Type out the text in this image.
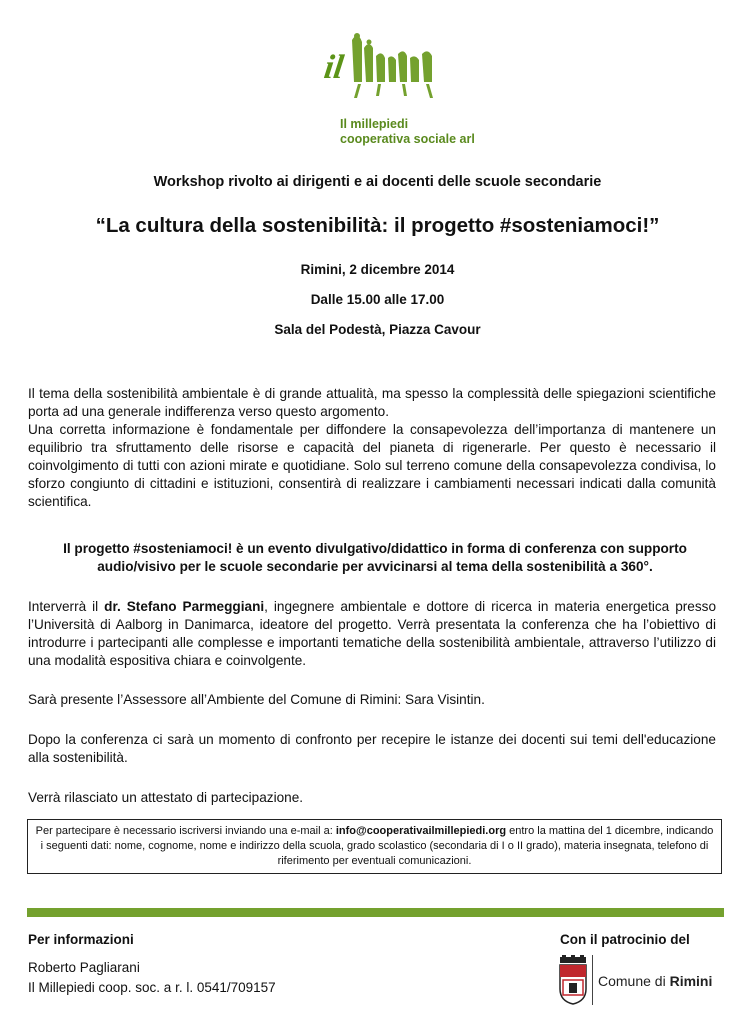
il
Il millepiedi
cooperativa sociale arl
Workshop rivolto ai dirigenti e ai docenti delle scuole secondarie
“La cultura della sostenibilità: il progetto #sosteniamoci!”
Rimini, 2 dicembre 2014
Dalle 15.00 alle 17.00
Sala del Podestà, Piazza Cavour

Il tema della sostenibilità ambientale è di grande attualità, ma spesso la complessità delle spiegazioni scientifiche porta ad una generale indifferenza verso questo argomento.

Una corretta informazione è fondamentale per diffondere la consapevolezza dell’importanza di mantenere un equilibrio tra sfruttamento delle risorse e capacità del pianeta di rigenerarle. Per questo è necessario il coinvolgimento di tutti con azioni mirate e quotidiane. Solo sul terreno comune della consapevolezza condivisa, lo sforzo congiunto di cittadini e istituzioni, consentirà di realizzare i cambiamenti necessari indicati dalla comunità scientifica.

Il progetto #sosteniamoci! è un evento divulgativo/didattico in forma di conferenza con supporto audio/visivo per le scuole secondarie per avvicinarsi al tema della sostenibilità a 360°.

Interverrà il dr. Stefano Parmeggiani, ingegnere ambientale e dottore di ricerca in materia energetica presso l’Università di Aalborg in Danimarca, ideatore del progetto. Verrà presentata la conferenza che ha l’obiettivo di introdurre i partecipanti alle complesse e importanti tematiche della sostenibilità ambientale, attraverso l’utilizzo di una modalità espositiva chiara e coinvolgente.

Sarà presente l’Assessore all’Ambiente del Comune di Rimini: Sara Visintin.

Dopo la conferenza ci sarà un momento di confronto per recepire le istanze dei docenti sui temi dell'educazione alla sostenibilità.

Verrà rilasciato un attestato di partecipazione.

Per partecipare è necessario iscriversi inviando una e-mail a: info@cooperativailmillepiedi.org entro la mattina del 1 dicembre, indicando i seguenti dati: nome, cognome, nome e indirizzo della scuola, grado scolastico (secondaria di I o II grado), materia insegnata, telefono di riferimento per eventuali comunicazioni.
Per informazioni
Roberto Pagliarani
Il Millepiedi coop. soc. a r. l. 0541/709157
Con il patrocinio del
Comune di Rimini
